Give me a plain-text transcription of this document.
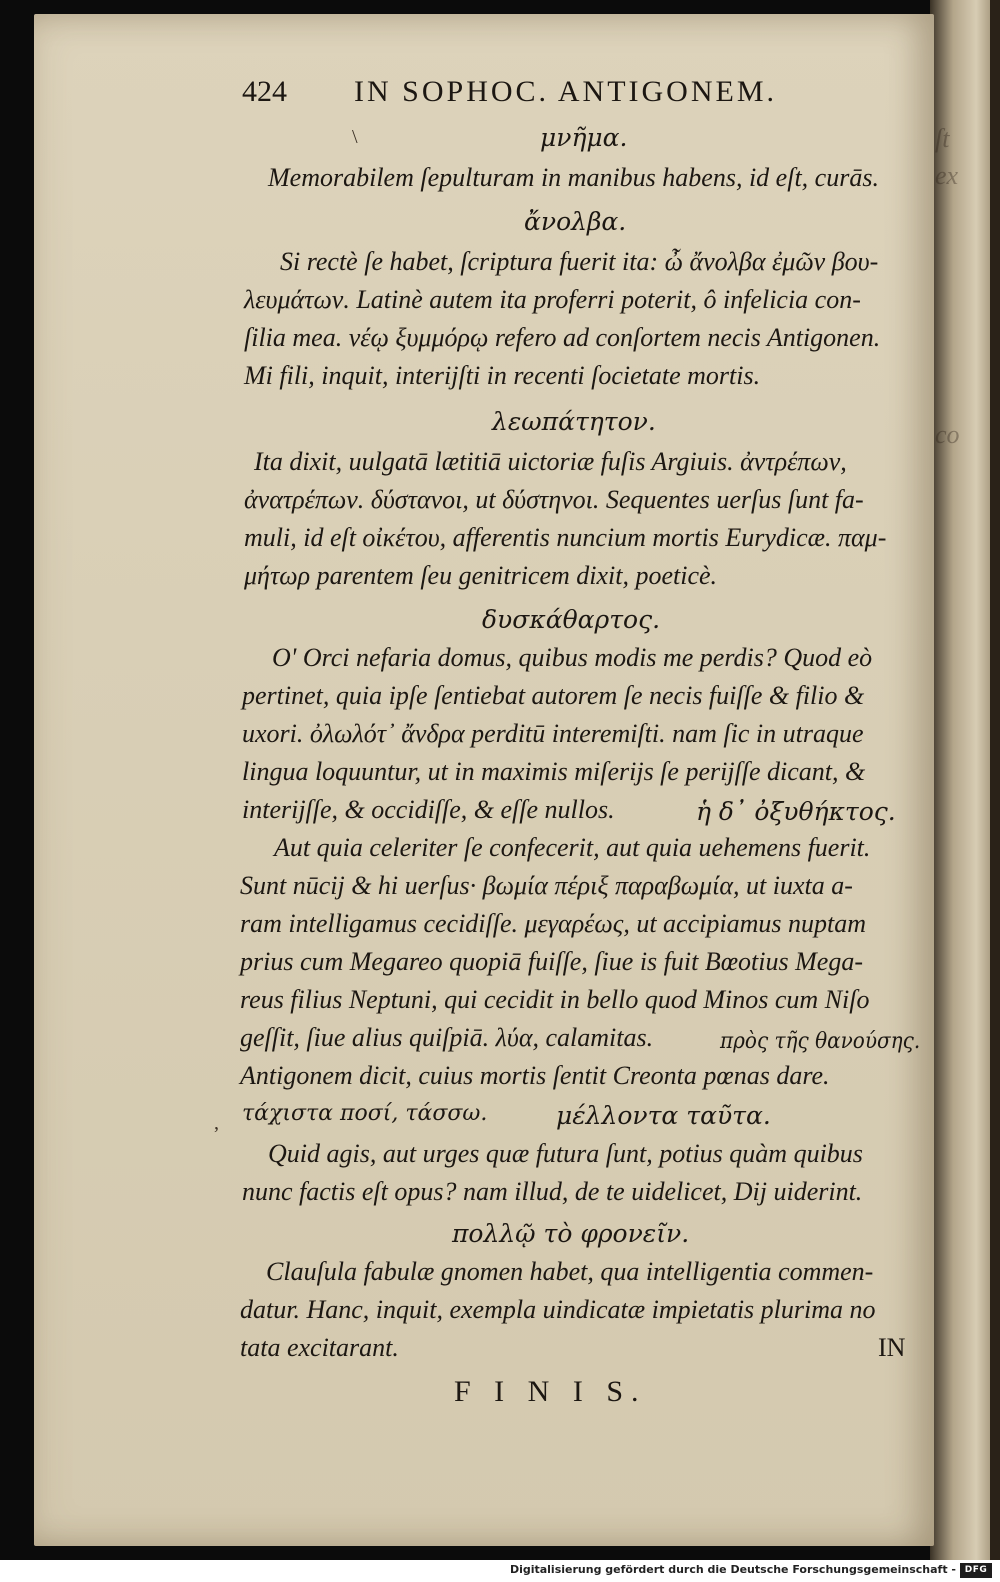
ſt
ex

co
424 IN SOPHOC. ANTIGONEM.
\	μνῆμα.
Memorabilem ſepulturam in manibus habens, id eſt, curās.
ἄνολβα.
Si rectè ſe habet, ſcriptura fuerit ita: ὦ ἄνολβα ἐμῶν βου-
λευμάτων. Latinè autem ita proferri poterit, ô infelicia con-
ſilia mea. νέῳ ξυμμόρῳ refero ad conſortem necis Antigonen.
Mi fili, inquit, interijſti in recenti ſocietate mortis.
λεωπάτητον.
Ita dixit, uulgatā lætitiā uictoriæ fuſis Argiuis. ἀντρέπων,
ἀνατρέπων. δύστανοι, ut δύστηνοι. Sequentes uerſus ſunt fa-
muli, id eſt οἰκέτου, afferentis nuncium mortis Eurydicæ. παμ-
μήτωρ parentem ſeu genitricem dixit, poeticè.
δυσκάθαρτος.
O' Orci nefaria domus, quibus modis me perdis? Quod eò
pertinet, quia ipſe ſentiebat autorem ſe necis fuiſſe & filio &
uxori. ὀλωλότ᾽ ἄνδρα perditū interemiſti. nam ſic in utraque
lingua loquuntur, ut in maximis miſerijs ſe perijſſe dicant, &
interijſſe, & occidiſſe, & eſſe nullos.	ἡ δ᾽ ὀξυθήκτος.
Aut quia celeriter ſe confecerit, aut quia uehemens fuerit.
Sunt nūcij & hi uerſus· βωμία πέριξ παραβωμία, ut iuxta a-
ram intelligamus cecidiſſe. μεγαρέως, ut accipiamus nuptam
prius cum Megareo quopiā fuiſſe, ſiue is fuit Bœotius Mega-
reus filius Neptuni, qui cecidit in bello quod Minos cum Niſo
geſſit, ſiue alius quiſpiā. λύα, calamitas.	πρὸς τῆς θανούσης.
Antigonem dicit, cuius mortis ſentit Creonta pœnas dare.
τάχιστα ποσί, τάσσω.
,	μέλλοντα ταῦτα.
Quid agis, aut urges quæ futura ſunt, potius quàm quibus
nunc factis eſt opus? nam illud, de te uidelicet, Dij uiderint.
πολλῷ τὸ φρονεῖν.
Clauſula fabulæ gnomen habet, qua intelligentia commen-
datur. Hanc, inquit, exempla uindicatæ impietatis plurima no
tata excitarant.	IN
F I N I S.
Digitalisierung gefördert durch die Deutsche Forschungsgemeinschaft - DFG
